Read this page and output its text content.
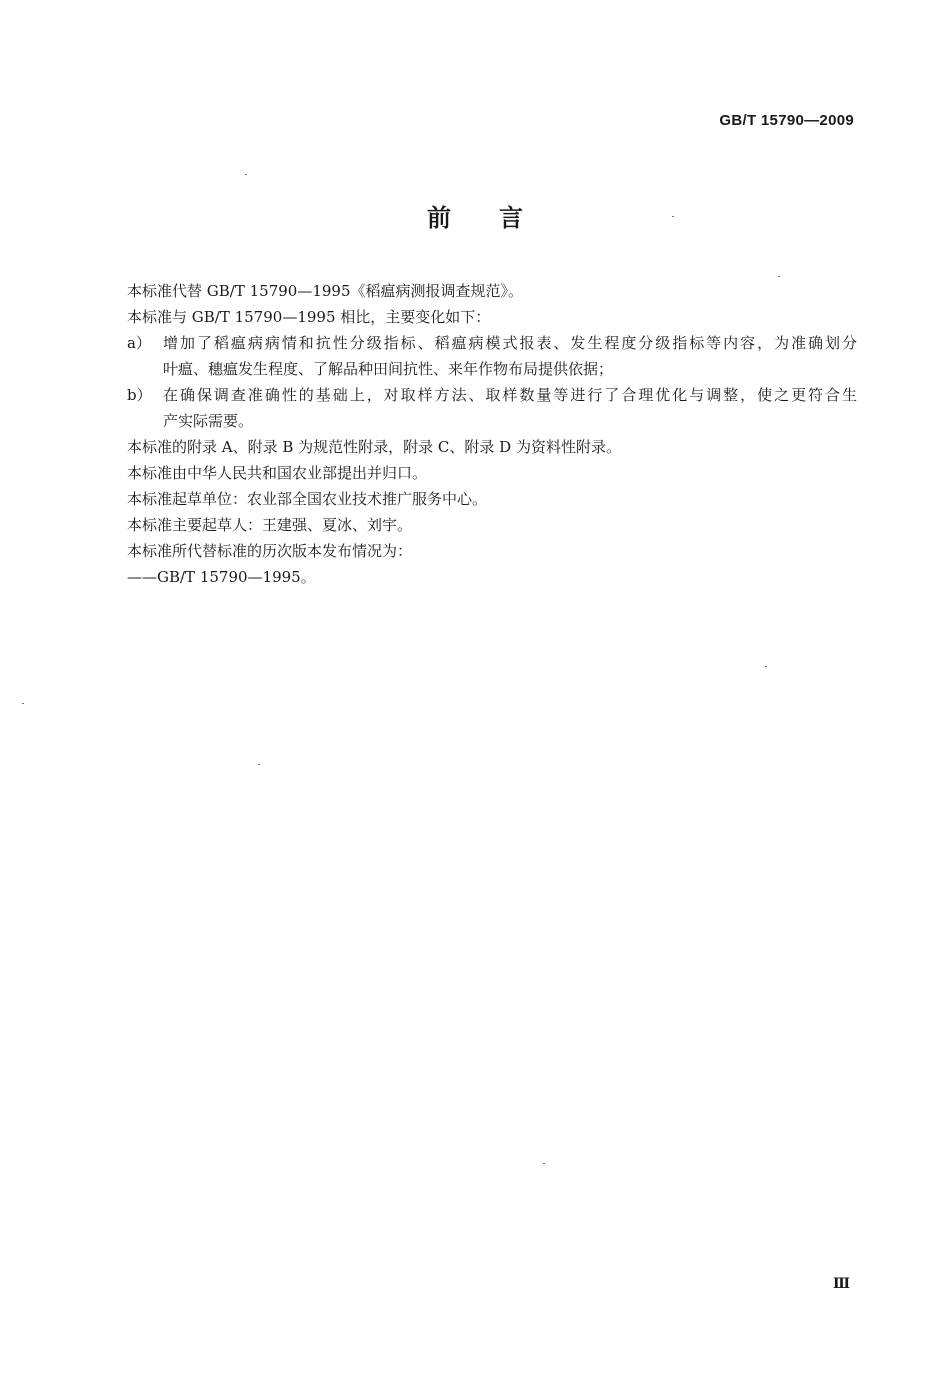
GB/T 15790—2009
前言

本标准代替 GB/T 15790—1995《稻瘟病测报调查规范》。

本标准与 GB/T 15790—1995 相比，主要变化如下：

a） 增加了稻瘟病病情和抗性分级指标、稻瘟病模式报表、发生程度分级指标等内容，为准确划分
叶瘟、穗瘟发生程度、了解品种田间抗性、来年作物布局提供依据；
b） 在确保调查准确性的基础上，对取样方法、取样数量等进行了合理优化与调整，使之更符合生
产实际需要。

本标准的附录 A、附录 B 为规范性附录，附录 C、附录 D 为资料性附录。

本标准由中华人民共和国农业部提出并归口。

本标准起草单位：农业部全国农业技术推广服务中心。

本标准主要起草人：王建强、夏冰、刘宇。

本标准所代替标准的历次版本发布情况为：

——GB/T 15790—1995。

Ⅲ
